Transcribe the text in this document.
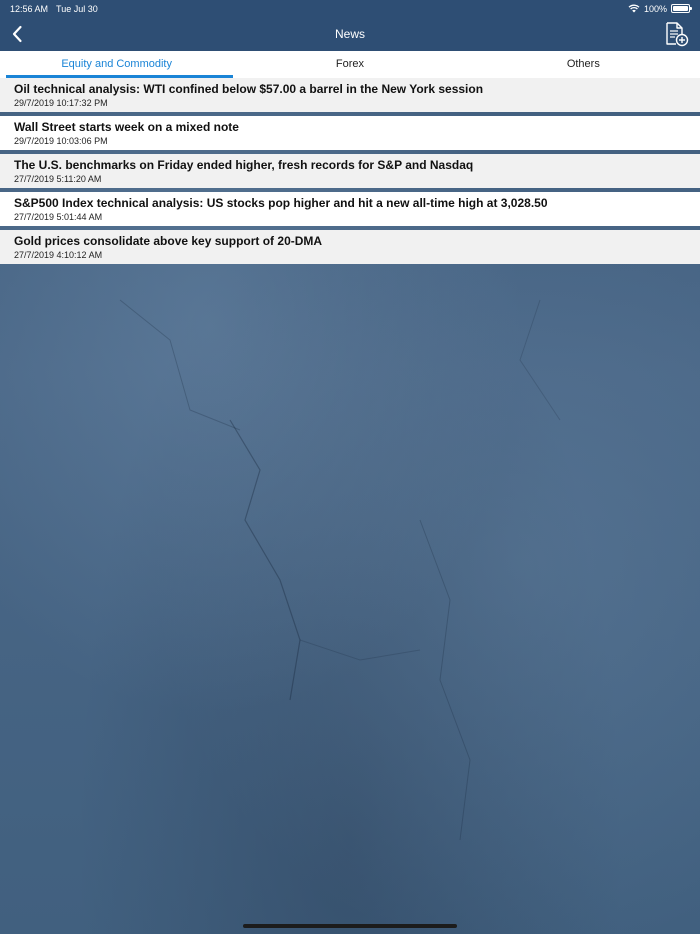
12:56 AM Tue Jul 30	100%
News
Equity and Commodity	Forex	Others
Oil technical analysis: WTI confined below $57.00 a barrel in the New York session
29/7/2019 10:17:32 PM
Wall Street starts week on a mixed note
29/7/2019 10:03:06 PM
The U.S. benchmarks on Friday ended higher, fresh records for S&P and Nasdaq
27/7/2019 5:11:20 AM
S&P500 Index technical analysis: US stocks pop higher and hit a new all-time high at 3,028.50
27/7/2019 5:01:44 AM
Gold prices consolidate above key support of 20-DMA
27/7/2019 4:10:12 AM
